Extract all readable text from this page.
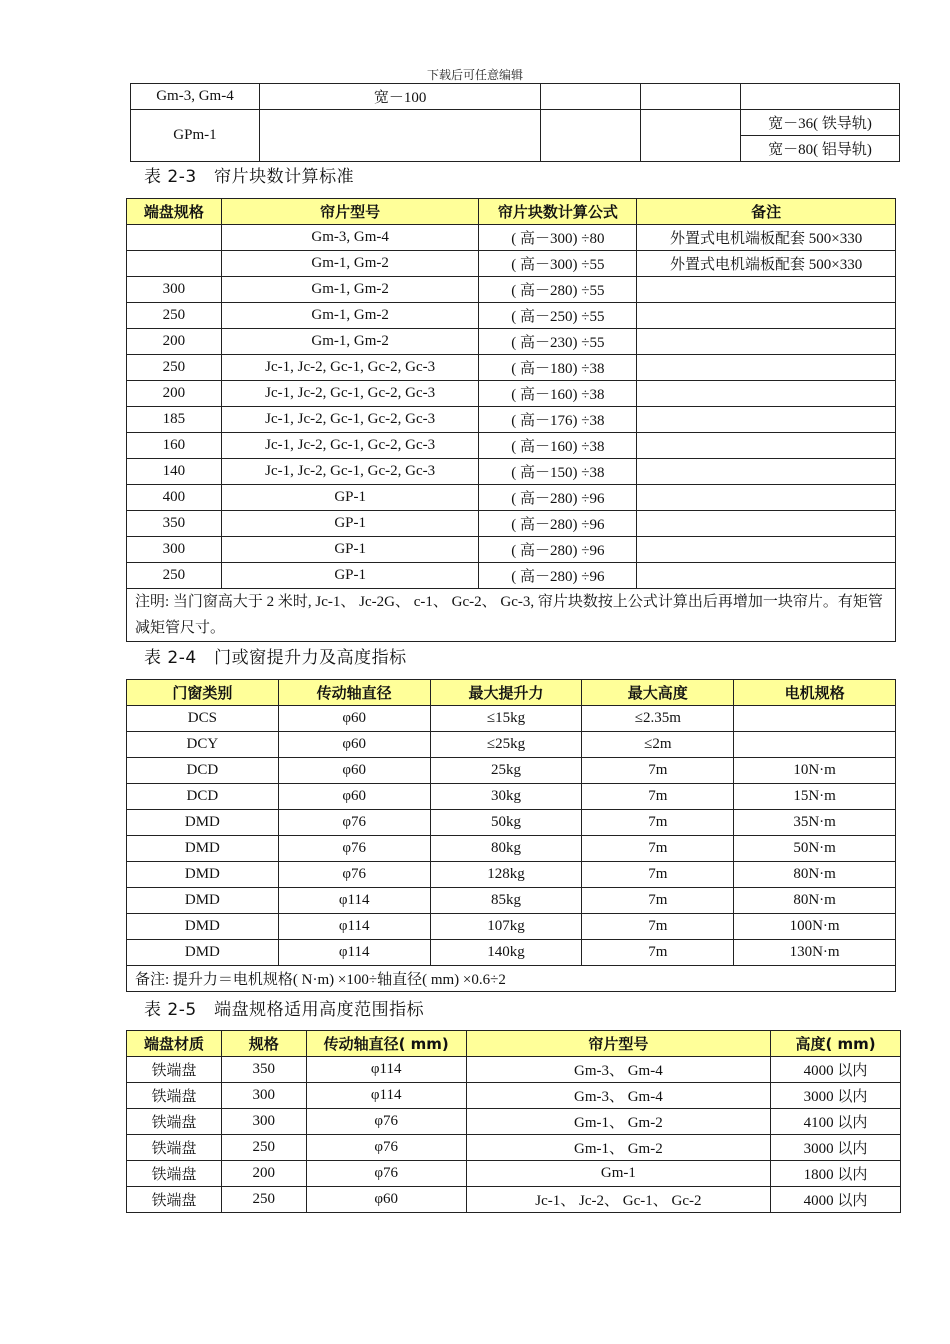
下载后可任意编辑
Gm-3, Gm-4	宽－100			
GPm-1				宽－36( 铁导轨)
				宽－80( 铝导轨)
表 2-3　帘片块数计算标准
端盘规格	帘片型号	帘片块数计算公式	备注
	Gm-3, Gm-4	( 高－300) ÷80	外置式电机端板配套 500×330
	Gm-1, Gm-2	( 高－300) ÷55	外置式电机端板配套 500×330
300	Gm-1, Gm-2	( 高－280) ÷55	
250	Gm-1, Gm-2	( 高－250) ÷55	
200	Gm-1, Gm-2	( 高－230) ÷55	
250	Jc-1, Jc-2, Gc-1, Gc-2, Gc-3	( 高－180) ÷38	
200	Jc-1, Jc-2, Gc-1, Gc-2, Gc-3	( 高－160) ÷38	
185	Jc-1, Jc-2, Gc-1, Gc-2, Gc-3	( 高－176) ÷38	
160	Jc-1, Jc-2, Gc-1, Gc-2, Gc-3	( 高－160) ÷38	
140	Jc-1, Jc-2, Gc-1, Gc-2, Gc-3	( 高－150) ÷38	
400	GP-1	( 高－280) ÷96	
350	GP-1	( 高－280) ÷96	
300	GP-1	( 高－280) ÷96	
250	GP-1	( 高－280) ÷96	
注明: 当门窗高大于 2 米时, Jc-1、 Jc-2G、 c-1、 Gc-2、 Gc-3, 帘片块数按上公式计算出后再增加一块帘片。有矩管减矩管尺寸。			
表 2-4　门或窗提升力及高度指标
门窗类别	传动轴直径	最大提升力	最大高度	电机规格
DCS	φ60	≤15kg	≤2.35m	
DCY	φ60	≤25kg	≤2m	
DCD	φ60	25kg	7m	10N·m
DCD	φ60	30kg	7m	15N·m
DMD	φ76	50kg	7m	35N·m
DMD	φ76	80kg	7m	50N·m
DMD	φ76	128kg	7m	80N·m
DMD	φ114	85kg	7m	80N·m
DMD	φ114	107kg	7m	100N·m
DMD	φ114	140kg	7m	130N·m
备注: 提升力＝电机规格( N·m) ×100÷轴直径( mm) ×0.6÷2				
表 2-5　端盘规格适用高度范围指标
端盘材质	规格	传动轴直径( mm)	帘片型号	高度( mm)
铁端盘	350	φ114	Gm-3、 Gm-4	4000 以内
铁端盘	300	φ114	Gm-3、 Gm-4	3000 以内
铁端盘	300	φ76	Gm-1、 Gm-2	4100 以内
铁端盘	250	φ76	Gm-1、 Gm-2	3000 以内
铁端盘	200	φ76	Gm-1	1800 以内
铁端盘	250	φ60	Jc-1、 Jc-2、 Gc-1、 Gc-2	4000 以内
